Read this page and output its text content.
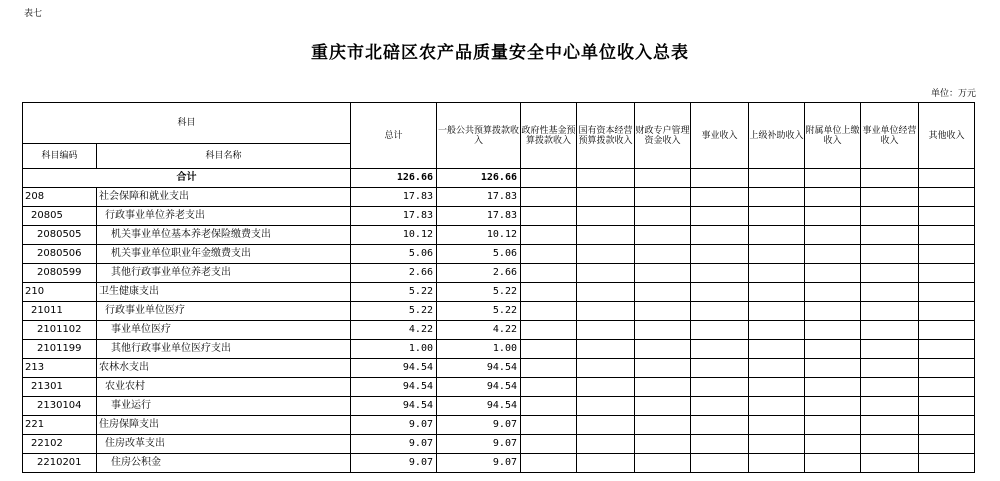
表七
重庆市北碚区农产品质量安全中心单位收入总表
单位：万元
科目		总计	一般公共预算拨款收入	政府性基金预算拨款收入	国有资本经营预算拨款收入	财政专户管理资金收入	事业收入	上级补助收入	附属单位上缴收入	事业单位经营收入	其他收入
科目编码	科目名称										
合计		126.66	126.66								
208	社会保障和就业支出	17.83	17.83								
20805	行政事业单位养老支出	17.83	17.83								
2080505	机关事业单位基本养老保险缴费支出	10.12	10.12								
2080506	机关事业单位职业年金缴费支出	5.06	5.06								
2080599	其他行政事业单位养老支出	2.66	2.66								
210	卫生健康支出	5.22	5.22								
21011	行政事业单位医疗	5.22	5.22								
2101102	事业单位医疗	4.22	4.22								
2101199	其他行政事业单位医疗支出	1.00	1.00								
213	农林水支出	94.54	94.54								
21301	农业农村	94.54	94.54								
2130104	事业运行	94.54	94.54								
221	住房保障支出	9.07	9.07								
22102	住房改革支出	9.07	9.07								
2210201	住房公积金	9.07	9.07								
